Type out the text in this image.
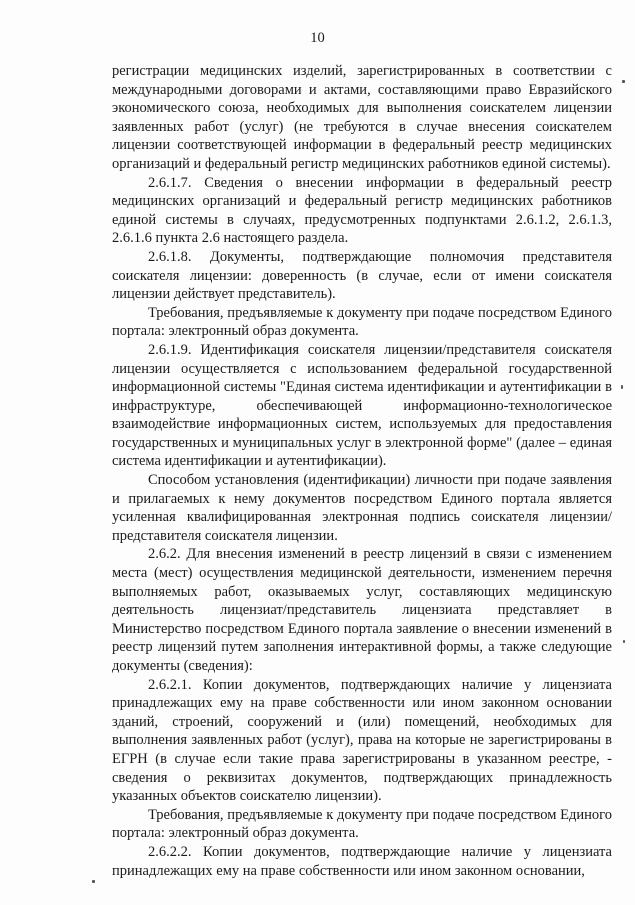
10

регистрации медицинских изделий, зарегистрированных в соответствии с международными договорами и актами, составляющими право Евразийского экономического союза, необходимых для выполнения соискателем лицензии заявленных работ (услуг) (не требуются в случае внесения соискателем лицензии соответствующей информации в федеральный реестр медицинских организаций и федеральный регистр медицинских работников единой системы).

2.6.1.7. Сведения о внесении информации в федеральный реестр медицинских организаций и федеральный регистр медицинских работников единой системы в случаях, предусмотренных подпунктами 2.6.1.2, 2.6.1.3, 2.6.1.6 пункта 2.6 настоящего раздела.

2.6.1.8. Документы, подтверждающие полномочия представителя соискателя лицензии: доверенность (в случае, если от имени соискателя лицензии действует представитель).

Требования, предъявляемые к документу при подаче посредством Единого портала: электронный образ документа.

2.6.1.9. Идентификация соискателя лицензии/представителя соискателя лицензии осуществляется с использованием федеральной государственной информационной системы "Единая система идентификации и аутентификации в инфраструктуре, обеспечивающей информационно-технологическое взаимодействие информационных систем, используемых для предоставления государственных и муниципальных услуг в электронной форме" (далее – единая система идентификации и аутентификации).

Способом установления (идентификации) личности при подаче заявления и прилагаемых к нему документов посредством Единого портала является усиленная квалифицированная электронная подпись соискателя лицензии/представителя соискателя лицензии.

2.6.2. Для внесения изменений в реестр лицензий в связи с изменением места (мест) осуществления медицинской деятельности, изменением перечня выполняемых работ, оказываемых услуг, составляющих медицинскую деятельность лицензиат/представитель лицензиата представляет в Министерство посредством Единого портала заявление о внесении изменений в реестр лицензий путем заполнения интерактивной формы, а также следующие документы (сведения):

2.6.2.1. Копии документов, подтверждающих наличие у лицензиата принадлежащих ему на праве собственности или ином законном основании зданий, строений, сооружений и (или) помещений, необходимых для выполнения заявленных работ (услуг), права на которые не зарегистрированы в ЕГРН (в случае если такие права зарегистрированы в указанном реестре, - сведения о реквизитах документов, подтверждающих принадлежность указанных объектов соискателю лицензии).

Требования, предъявляемые к документу при подаче посредством Единого портала: электронный образ документа.

2.6.2.2. Копии документов, подтверждающие наличие у лицензиата принадлежащих ему на праве собственности или ином законном основании,
